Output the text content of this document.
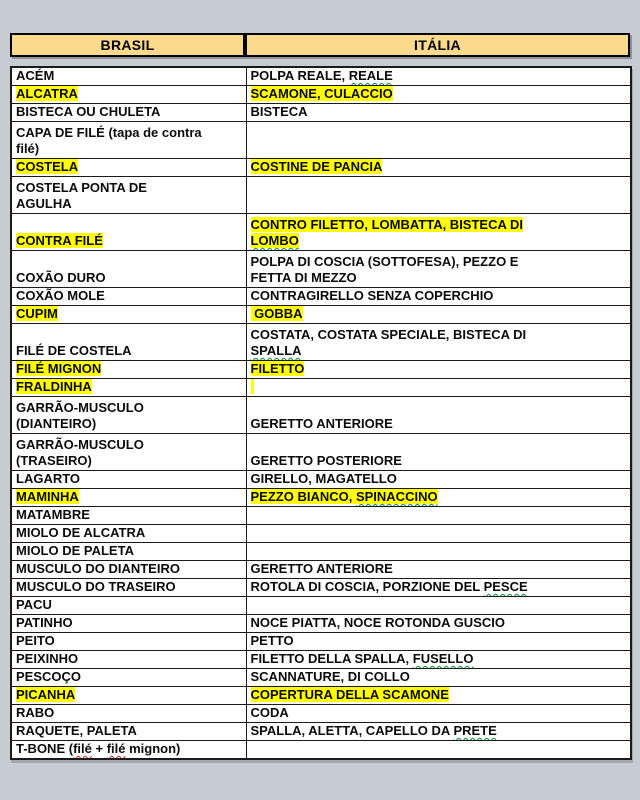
BRASIL	ITÁLIA
ACÉM	POLPA REALE, REALE
ALCATRA	SCAMONE, CULACCIO
BISTECA OU CHULETA	BISTECA
CAPA DE FILÉ (tapa de contra
filé)	
COSTELA	COSTINE DE PANCIA
COSTELA PONTA DE
AGULHA	
CONTRA FILÉ	CONTRO FILETTO, LOMBATTA, BISTECA DI
LOMBO
COXÃO DURO	POLPA DI COSCIA (SOTTOFESA), PEZZO E
FETTA DI MEZZO
COXÃO MOLE	CONTRAGIRELLO SENZA COPERCHIO
CUPIM	GOBBA
FILÉ DE COSTELA	COSTATA, COSTATA SPECIALE, BISTECA DI
SPALLA
FILÉ MIGNON	FILETTO
FRALDINHA	
GARRÃO-MUSCULO
(DIANTEIRO)	GERETTO ANTERIORE
GARRÃO-MUSCULO
(TRASEIRO)	GERETTO POSTERIORE
LAGARTO	GIRELLO, MAGATELLO
MAMINHA	PEZZO BIANCO, SPINACCINO
MATAMBRE	
MIOLO DE ALCATRA	
MIOLO DE PALETA	
MUSCULO DO DIANTEIRO	GERETTO ANTERIORE
MUSCULO DO TRASEIRO	ROTOLA DI COSCIA, PORZIONE DEL PESCE
PACU	
PATINHO	NOCE PIATTA, NOCE ROTONDA GUSCIO
PEITO	PETTO
PEIXINHO	FILETTO DELLA SPALLA, FUSELLO
PESCOÇO	SCANNATURE, DI COLLO
PICANHA	COPERTURA DELLA SCAMONE
RABO	CODA
RAQUETE, PALETA	SPALLA, ALETTA, CAPELLO DA PRETE
T-BONE (filé + filé mignon)	
